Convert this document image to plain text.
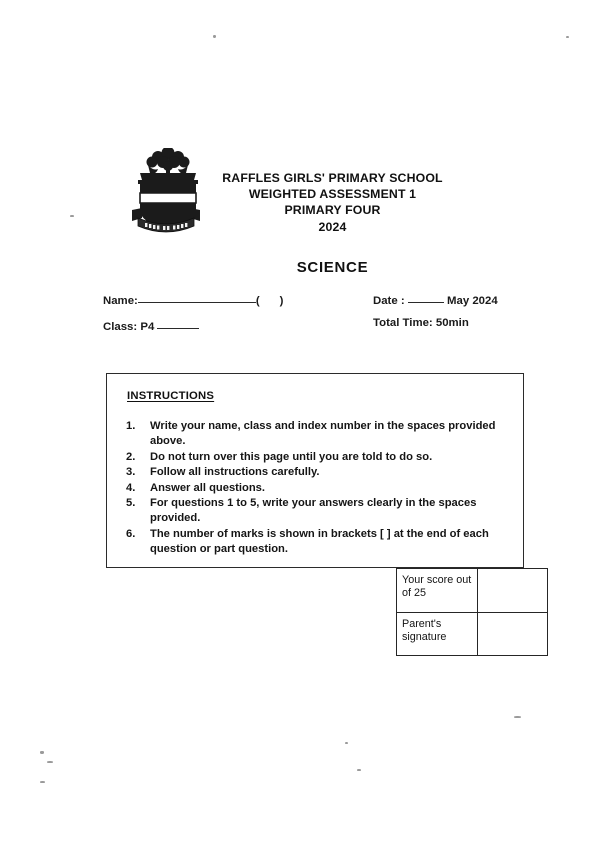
RAFFLES GIRLS' PRIMARY SCHOOL
WEIGHTED ASSESSMENT 1
PRIMARY FOUR
2024
SCIENCE
Name:	( )
Class: P4
Date :	May 2024
Total Time: 50min
INSTRUCTIONS
1.	Write your name, class and index number in the spaces provided above.
2.	Do not turn over this page until you are told to do so.
3.	Follow all instructions carefully.
4.	Answer all questions.
5.	For questions 1 to 5, write your answers clearly in the spaces provided.
6.	The number of marks is shown in brackets [ ] at the end of each question or part question.
Your score out of 25	
Parent's signature	
